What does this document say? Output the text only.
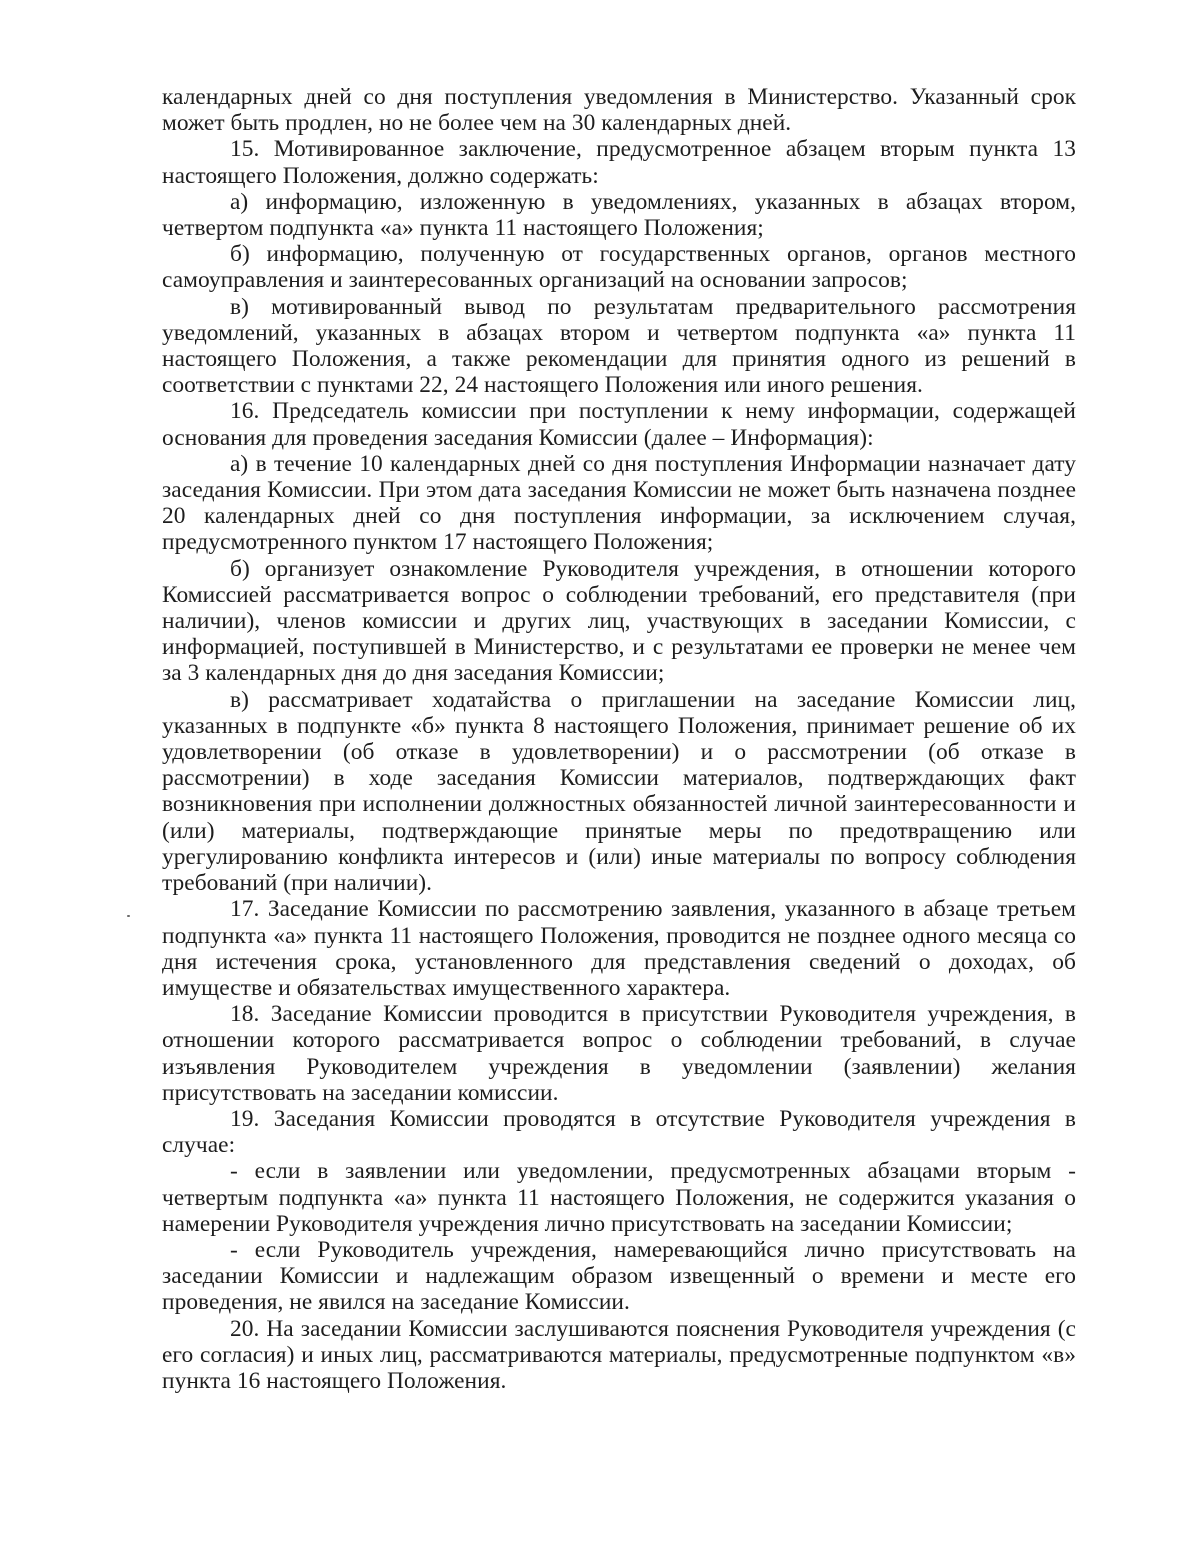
календарных дней со дня поступления уведомления в Министерство. Указанный срок может быть продлен, но не более чем на 30 календарных дней.

15. Мотивированное заключение, предусмотренное абзацем вторым пункта 13 настоящего Положения, должно содержать:

а) информацию, изложенную в уведомлениях, указанных в абзацах втором, четвертом подпункта «а» пункта 11 настоящего Положения;

б) информацию, полученную от государственных органов, органов местного самоуправления и заинтересованных организаций на основании запросов;

в) мотивированный вывод по результатам предварительного рассмотрения уведомлений, указанных в абзацах втором и четвертом подпункта «а» пункта 11 настоящего Положения, а также рекомендации для принятия одного из решений в соответствии с пунктами 22, 24 настоящего Положения или иного решения.

16. Председатель комиссии при поступлении к нему информации, содержащей основания для проведения заседания Комиссии (далее – Информация):

а) в течение 10 календарных дней со дня поступления Информации назначает дату заседания Комиссии. При этом дата заседания Комиссии не может быть назначена позднее 20 календарных дней со дня поступления информации, за исключением случая, предусмотренного пунктом 17 настоящего Положения;

б) организует ознакомление Руководителя учреждения, в отношении которого Комиссией рассматривается вопрос о соблюдении требований, его представителя (при наличии), членов комиссии и других лиц, участвующих в заседании Комиссии, с информацией, поступившей в Министерство, и с результатами ее проверки не менее чем за 3 календарных дня до дня заседания Комиссии;

в) рассматривает ходатайства о приглашении на заседание Комиссии лиц, указанных в подпункте «б» пункта 8 настоящего Положения, принимает решение об их удовлетворении (об отказе в удовлетворении) и о рассмотрении (об отказе в рассмотрении) в ходе заседания Комиссии материалов, подтверждающих факт возникновения при исполнении должностных обязанностей личной заинтересованности и (или) материалы, подтверждающие принятые меры по предотвращению или урегулированию конфликта интересов и (или) иные материалы по вопросу соблюдения требований (при наличии).

17. Заседание Комиссии по рассмотрению заявления, указанного в абзаце третьем подпункта «а» пункта 11 настоящего Положения, проводится не позднее одного месяца со дня истечения срока, установленного для представления сведений о доходах, об имуществе и обязательствах имущественного характера.

18. Заседание Комиссии проводится в присутствии Руководителя учреждения, в отношении которого рассматривается вопрос о соблюдении требований, в случае изъявления Руководителем учреждения в уведомлении (заявлении) желания присутствовать на заседании комиссии.

19. Заседания Комиссии проводятся в отсутствие Руководителя учреждения в случае:

- если в заявлении или уведомлении, предусмотренных абзацами вторым - четвертым подпункта «а» пункта 11 настоящего Положения, не содержится указания о намерении Руководителя учреждения лично присутствовать на заседании Комиссии;

- если Руководитель учреждения, намеревающийся лично присутствовать на заседании Комиссии и надлежащим образом извещенный о времени и месте его проведения, не явился на заседание Комиссии.

20. На заседании Комиссии заслушиваются пояснения Руководителя учреждения (с его согласия) и иных лиц, рассматриваются материалы, предусмотренные подпунктом «в» пункта 16 настоящего Положения.
